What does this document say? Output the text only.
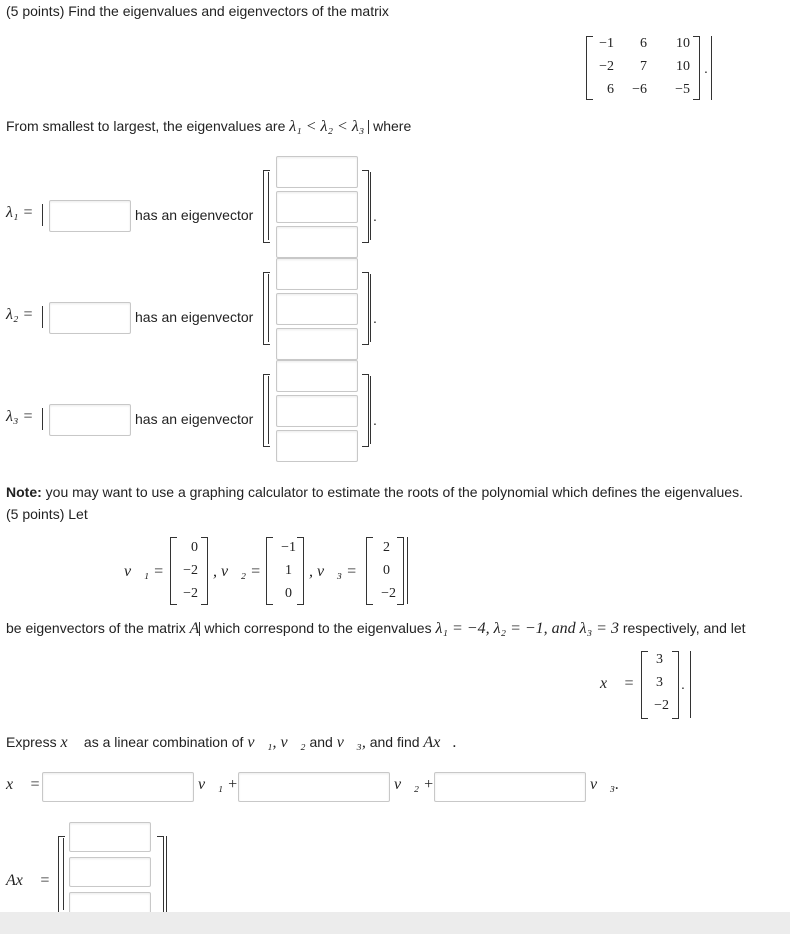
(5 points) Find the eigenvalues and eigenvectors of the matrix
−1	6	10
−2	7	10
6	−6	−5
.
From smallest to largest, the eigenvalues are λ₁ < λ₂ < λ₃ where
λ₁ =	has an eigenvector	.
λ₂ =	has an eigenvector	.
λ₃ =	has an eigenvector	.
Note: you may want to use a graphing calculator to estimate the roots of the polynomial which defines the eigenvalues.
(5 points) Let
v⃗₁ =
0
−2
−2
, v⃗₂ =
−1
1
0
, v⃗₃ =
2
0
−2
be eigenvectors of the matrix A which correspond to the eigenvalues λ₁ = −4, λ₂ = −1, and λ₃ = 3 respectively, and let
x⃗ =
3
3
−2
.
Express x⃗ as a linear combination of v⃗₁, v⃗₂ and v⃗₃, and find Ax⃗.
x⃗ =	v⃗₁ +	v⃗₂ +	v⃗₃.
Ax⃗ =
